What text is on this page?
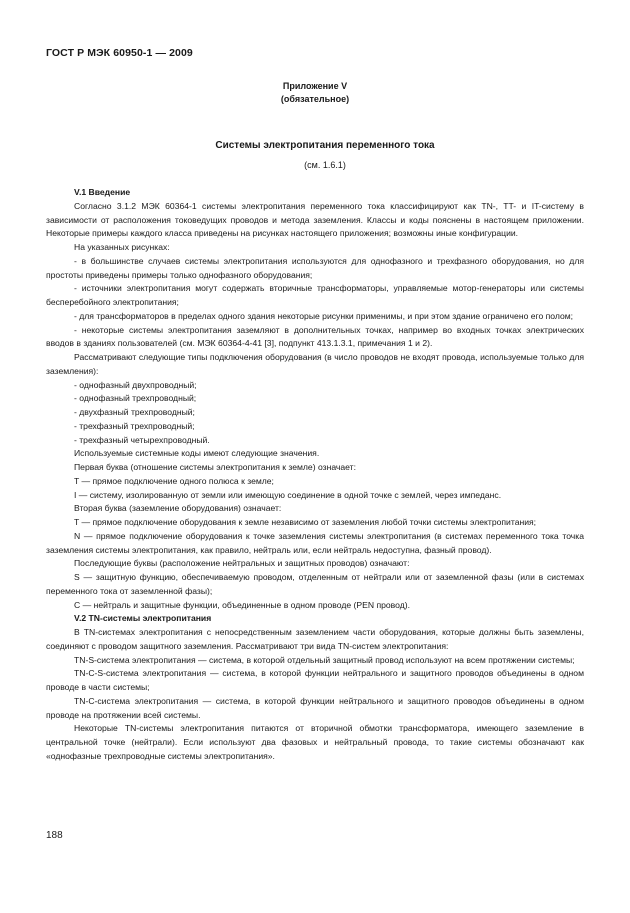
ГОСТ Р МЭК 60950-1 — 2009
Приложение V
(обязательное)
Системы электропитания переменного тока
(см. 1.6.1)

V.1 Введение

Согласно 3.1.2 МЭК 60364-1 системы электропитания переменного тока классифицируют как TN-, TT- и IT-систему в зависимости от расположения токоведущих проводов и метода заземления. Классы и коды пояснены в настоящем приложении. Некоторые примеры каждого класса приведены на рисунках настоящего приложения; возможны иные конфигурации.

На указанных рисунках:

- в большинстве случаев системы электропитания используются для однофазного и трехфазного оборудования, но для простоты приведены примеры только однофазного оборудования;

- источники электропитания могут содержать вторичные трансформаторы, управляемые мотор-генераторы или системы бесперебойного электропитания;

- для трансформаторов в пределах одного здания некоторые рисунки применимы, и при этом здание ограничено его полом;

- некоторые системы электропитания заземляют в дополнительных точках, например во входных точках электрических вводов в зданиях пользователей (см. МЭК 60364-4-41 [3], подпункт 413.1.3.1, примечания 1 и 2).

Рассматривают следующие типы подключения оборудования (в число проводов не входят провода, используемые только для заземления):

- однофазный двухпроводный;

- однофазный трехпроводный;

- двухфазный трехпроводный;

- трехфазный трехпроводный;

- трехфазный четырехпроводный.

Используемые системные коды имеют следующие значения.

Первая буква (отношение системы электропитания к земле) означает:

T — прямое подключение одного полюса к земле;

I — систему, изолированную от земли или имеющую соединение в одной точке с землей, через импеданс.

Вторая буква (заземление оборудования) означает:

T — прямое подключение оборудования к земле независимо от заземления любой точки системы электропитания;

N — прямое подключение оборудования к точке заземления системы электропитания (в системах переменного тока точка заземления системы электропитания, как правило, нейтраль или, если нейтраль недоступна, фазный провод).

Последующие буквы (расположение нейтральных и защитных проводов) означают:

S — защитную функцию, обеспечиваемую проводом, отделенным от нейтрали или от заземленной фазы (или в системах переменного тока от заземленной фазы);

C — нейтраль и защитные функции, объединенные в одном проводе (PEN провод).

V.2 TN-системы электропитания

В TN-системах электропитания с непосредственным заземлением части оборудования, которые должны быть заземлены, соединяют с проводом защитного заземления. Рассматривают три вида TN-систем электропитания:

TN-S-система электропитания — система, в которой отдельный защитный провод используют на всем протяжении системы;

TN-C-S-система электропитания — система, в которой функции нейтрального и защитного проводов объединены в одном проводе в части системы;

TN-C-система электропитания — система, в которой функции нейтрального и защитного проводов объединены в одном проводе на протяжении всей системы.

Некоторые TN-системы электропитания питаются от вторичной обмотки трансформатора, имеющего заземление в центральной точке (нейтрали). Если используют два фазовых и нейтральный провода, то такие системы обозначают как «однофазные трехпроводные системы электропитания».

188
